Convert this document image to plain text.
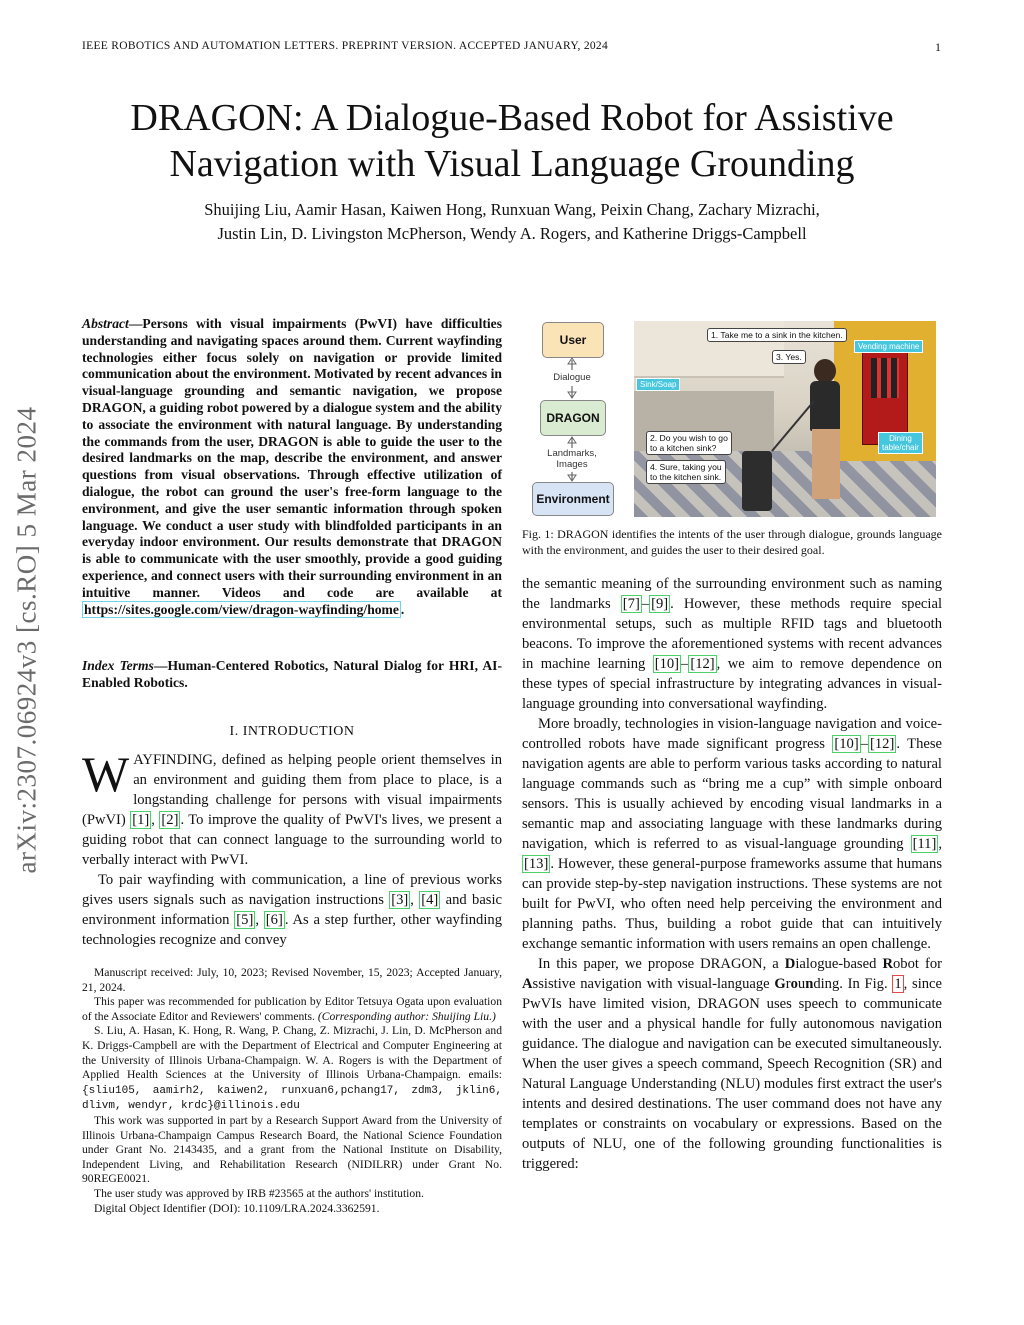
IEEE ROBOTICS AND AUTOMATION LETTERS. PREPRINT VERSION. ACCEPTED JANUARY, 2024	1
DRAGON: A Dialogue-Based Robot for Assistive
Navigation with Visual Language Grounding
Shuijing Liu, Aamir Hasan, Kaiwen Hong, Runxuan Wang, Peixin Chang, Zachary Mizrachi,
Justin Lin, D. Livingston McPherson, Wendy A. Rogers, and Katherine Driggs-Campbell
arXiv:2307.06924v3 [cs.RO] 5 Mar 2024
Abstract—Persons with visual impairments (PwVI) have difficulties understanding and navigating spaces around them. Current wayfinding technologies either focus solely on navigation or provide limited communication about the environment. Motivated by recent advances in visual-language grounding and semantic navigation, we propose DRAGON, a guiding robot powered by a dialogue system and the ability to associate the environment with natural language. By understanding the commands from the user, DRAGON is able to guide the user to the desired landmarks on the map, describe the environment, and answer questions from visual observations. Through effective utilization of dialogue, the robot can ground the user's free-form language to the environment, and give the user semantic information through spoken language. We conduct a user study with blindfolded participants in an everyday indoor environment. Our results demonstrate that DRAGON is able to communicate with the user smoothly, provide a good guiding experience, and connect users with their surrounding environment in an intuitive manner. Videos and code are available at https://sites.google.com/view/dragon-wayfinding/home .
Index Terms—Human-Centered Robotics, Natural Dialog for HRI, AI-Enabled Robotics.
I. INTRODUCTION

WAYFINDING, defined as helping people orient themselves in an environment and guiding them from place to place, is a longstanding challenge for persons with visual impairments (PwVI) [1] , [2] . To improve the quality of PwVI's lives, we present a guiding robot that can connect language to the surrounding world to verbally interact with PwVI.

To pair wayfinding with communication, a line of previous works gives users signals such as navigation instructions [3] , [4] and basic environment information [5] , [6] . As a step further, other wayfinding technologies recognize and convey

Manuscript received: July, 10, 2023; Revised November, 15, 2023; Accepted January, 21, 2024.

This paper was recommended for publication by Editor Tetsuya Ogata upon evaluation of the Associate Editor and Reviewers' comments. (Corresponding author: Shuijing Liu.)

S. Liu, A. Hasan, K. Hong, R. Wang, P. Chang, Z. Mizrachi, J. Lin, D. McPherson and K. Driggs-Campbell are with the Department of Electrical and Computer Engineering at the University of Illinois Urbana-Champaign. W. A. Rogers is with the Department of Applied Health Sciences at the University of Illinois Urbana-Champaign. emails: {sliu105, aamirh2, kaiwen2, runxuan6,pchang17, zdm3, jklin6, dlivm, wendyr, krdc}@illinois.edu

This work was supported in part by a Research Support Award from the University of Illinois Urbana-Champaign Campus Research Board, the National Science Foundation under Grant No. 2143435, and a grant from the National Institute on Disability, Independent Living, and Rehabilitation Research (NIDILRR) under Grant No. 90REGE0021.

The user study was approved by IRB #23565 at the authors' institution.

Digital Object Identifier (DOI): 10.1109/LRA.2024.3362591.

User
Dialogue
DRAGON
Landmarks,
Images
Environment
1. Take me to a sink in the kitchen.
3. Yes.
2. Do you wish to go
to a kitchen sink?
4. Sure, taking you
to the kitchen sink.
Vending machine
Sink/Soap
Dining
table/chair
Fig. 1: DRAGON identifies the intents of the user through dialogue, grounds language with the environment, and guides the user to their desired goal.

the semantic meaning of the surrounding environment such as naming the landmarks [7] – [9] . However, these methods require special environmental setups, such as multiple RFID tags and bluetooth beacons. To improve the aforementioned systems with recent advances in machine learning [10] – [12] , we aim to remove dependence on these types of special infrastructure by integrating advances in visual-language grounding into conversational wayfinding.

More broadly, technologies in vision-language navigation and voice-controlled robots have made significant progress [10] – [12] . These navigation agents are able to perform various tasks according to natural language commands such as “bring me a cup” with simple onboard sensors. This is usually achieved by encoding visual landmarks in a semantic map and associating language with these landmarks during navigation, which is referred to as visual-language grounding [11] , [13] . However, these general-purpose frameworks assume that humans can provide step-by-step navigation instructions. These systems are not built for PwVI, who often need help perceiving the environment and planning paths. Thus, building a robot guide that can intuitively exchange semantic information with users remains an open challenge.

In this paper, we propose DRAGON, a Dialogue-based Robot for Assistive navigation with visual-language Grounding. In Fig. 1 , since PwVIs have limited vision, DRAGON uses speech to communicate with the user and a physical handle for fully autonomous navigation guidance. The dialogue and navigation can be executed simultaneously. When the user gives a speech command, Speech Recognition (SR) and Natural Language Understanding (NLU) modules first extract the user's intents and desired destinations. The user command does not have any templates or constraints on vocabulary or expressions. Based on the outputs of NLU, one of the following grounding functionalities is triggered:
